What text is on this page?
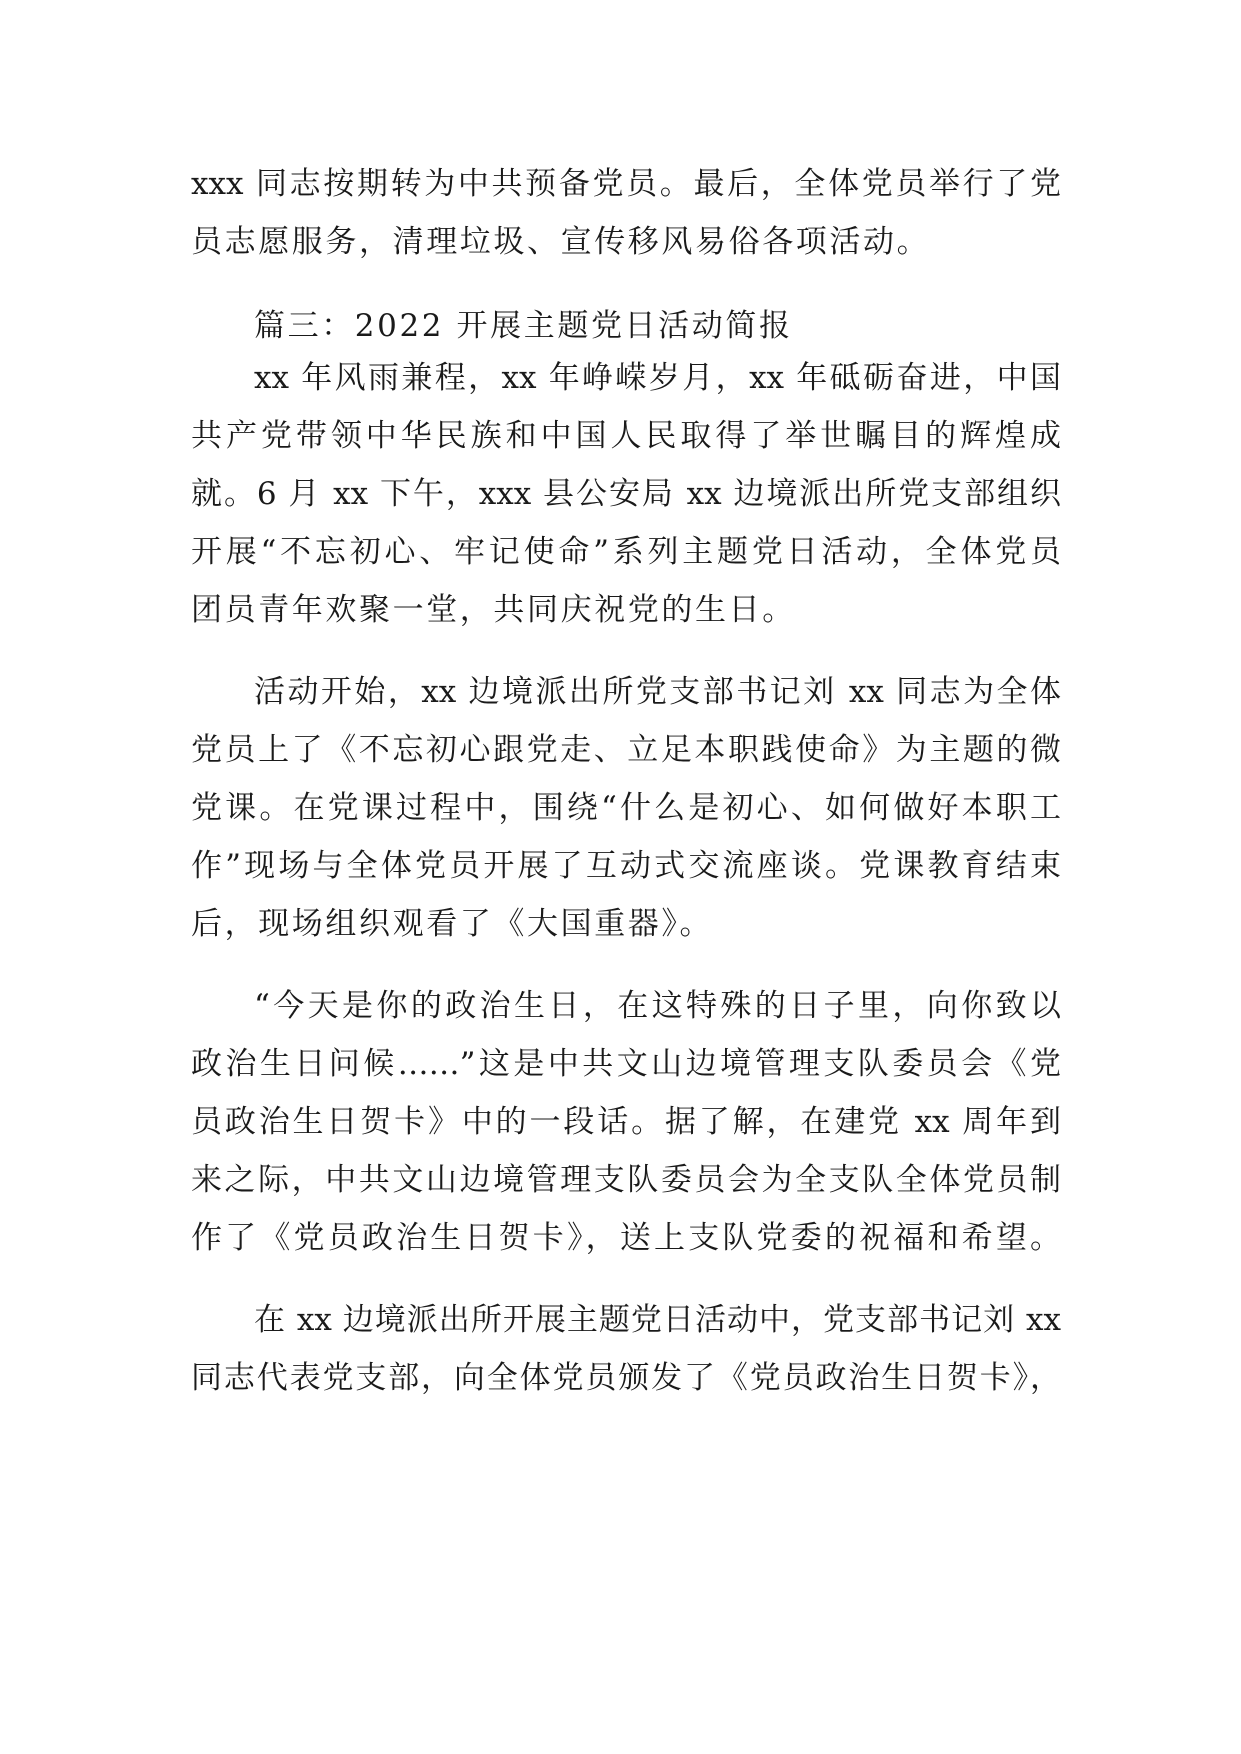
xxx 同志按期转为中共预备党员。最后，全体党员举行了党
员志愿服务，清理垃圾、宣传移风易俗各项活动。
篇三：2022 开展主题党日活动简报
xx 年风雨兼程，xx 年峥嵘岁月，xx 年砥砺奋进，中国
共产党带领中华民族和中国人民取得了举世瞩目的辉煌成
就。6 月 xx 下午，xxx 县公安局 xx 边境派出所党支部组织
开展“不忘初心、牢记使命”系列主题党日活动，全体党员
团员青年欢聚一堂，共同庆祝党的生日。
活动开始，xx 边境派出所党支部书记刘 xx 同志为全体
党员上了《不忘初心跟党走、立足本职践使命》为主题的微
党课。在党课过程中，围绕“什么是初心、如何做好本职工
作”现场与全体党员开展了互动式交流座谈。党课教育结束
后，现场组织观看了《大国重器》。
“今天是你的政治生日，在这特殊的日子里，向你致以
政治生日问候……”这是中共文山边境管理支队委员会《党
员政治生日贺卡》中的一段话。据了解，在建党 xx 周年到
来之际，中共文山边境管理支队委员会为全支队全体党员制
作了《党员政治生日贺卡》，送上支队党委的祝福和希望。
在 xx 边境派出所开展主题党日活动中，党支部书记刘 xx
同志代表党支部，向全体党员颁发了《党员政治生日贺卡》，
